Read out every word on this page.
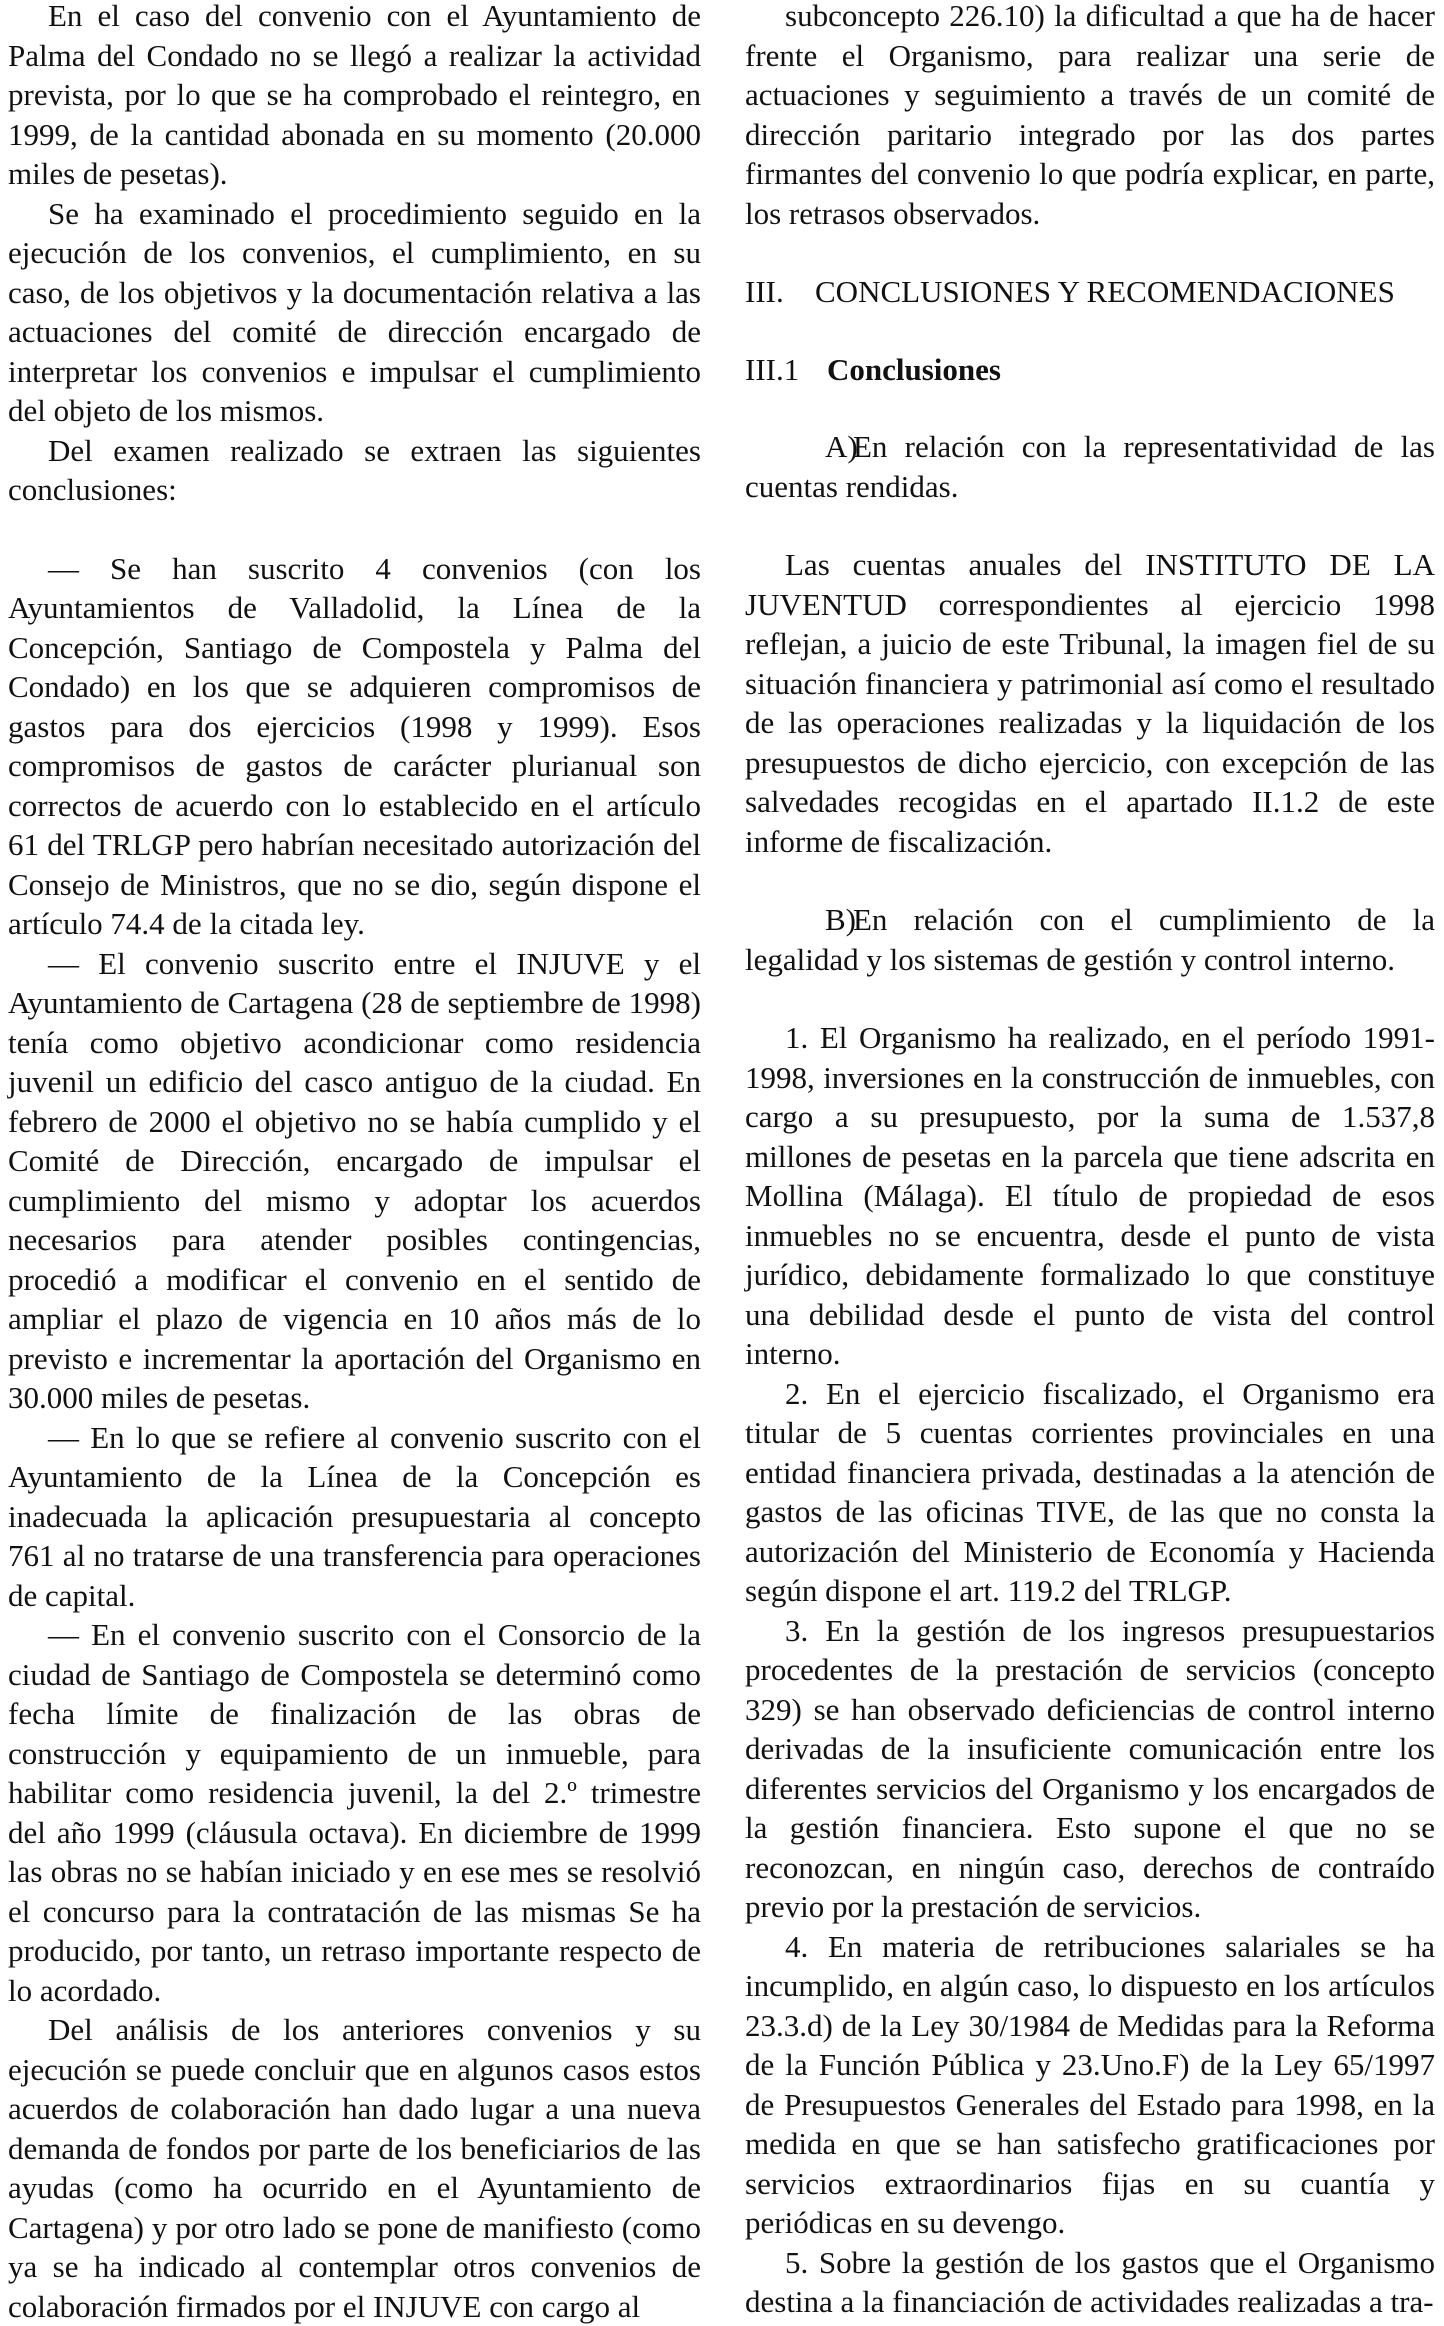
En el caso del convenio con el Ayuntamiento de Palma del Condado no se llegó a realizar la actividad prevista, por lo que se ha comprobado el reintegro, en 1999, de la cantidad abonada en su momento (20.000 miles de pesetas).

Se ha examinado el procedimiento seguido en la ejecución de los convenios, el cumplimiento, en su caso, de los objetivos y la documentación relativa a las actuaciones del comité de dirección encargado de interpretar los convenios e impulsar el cumplimiento del objeto de los mismos.

Del examen realizado se extraen las siguientes conclusiones:

— Se han suscrito 4 convenios (con los Ayuntamientos de Valladolid, la Línea de la Concepción, Santiago de Compostela y Palma del Condado) en los que se adquieren compromisos de gastos para dos ejercicios (1998 y 1999). Esos compromisos de gastos de carácter plurianual son correctos de acuerdo con lo establecido en el artículo 61 del TRLGP pero habrían necesitado autorización del Consejo de Ministros, que no se dio, según dispone el artículo 74.4 de la citada ley.

— El convenio suscrito entre el INJUVE y el Ayuntamiento de Cartagena (28 de septiembre de 1998) tenía como objetivo acondicionar como residencia juvenil un edificio del casco antiguo de la ciudad. En febrero de 2000 el objetivo no se había cumplido y el Comité de Dirección, encargado de impulsar el cumplimiento del mismo y adoptar los acuerdos necesarios para atender posibles contingencias, procedió a modificar el convenio en el sentido de ampliar el plazo de vigencia en 10 años más de lo previsto e incrementar la aportación del Organismo en 30.000 miles de pesetas.

— En lo que se refiere al convenio suscrito con el Ayuntamiento de la Línea de la Concepción es inadecuada la aplicación presupuestaria al concepto 761 al no tratarse de una transferencia para operaciones de capital.

— En el convenio suscrito con el Consorcio de la ciudad de Santiago de Compostela se determinó como fecha límite de finalización de las obras de construcción y equipamiento de un inmueble, para habilitar como residencia juvenil, la del 2.º trimestre del año 1999 (cláusula octava). En diciembre de 1999 las obras no se habían iniciado y en ese mes se resolvió el concurso para la contratación de las mismas Se ha producido, por tanto, un retraso importante respecto de lo acordado.

Del análisis de los anteriores convenios y su ejecución se puede concluir que en algunos casos estos acuerdos de colaboración han dado lugar a una nueva demanda de fondos por parte de los beneficiarios de las ayudas (como ha ocurrido en el Ayuntamiento de Cartagena) y por otro lado se pone de manifiesto (como ya se ha indicado al contemplar otros convenios de colaboración firmados por el INJUVE con cargo al

subconcepto 226.10) la dificultad a que ha de hacer frente el Organismo, para realizar una serie de actuaciones y seguimiento a través de un comité de dirección paritario integrado por las dos partes firmantes del convenio lo que podría explicar, en parte, los retrasos observados.

III. CONCLUSIONES Y RECOMENDACIONES
III.1 Conclusiones

A)En relación con la representatividad de las cuentas rendidas.

Las cuentas anuales del INSTITUTO DE LA JUVENTUD correspondientes al ejercicio 1998 reflejan, a juicio de este Tribunal, la imagen fiel de su situación financiera y patrimonial así como el resultado de las operaciones realizadas y la liquidación de los presupuestos de dicho ejercicio, con excepción de las salvedades recogidas en el apartado II.1.2 de este informe de fiscalización.

B)En relación con el cumplimiento de la legalidad y los sistemas de gestión y control interno.

1. El Organismo ha realizado, en el período 1991-1998, inversiones en la construcción de inmuebles, con cargo a su presupuesto, por la suma de 1.537,8 millones de pesetas en la parcela que tiene adscrita en Mollina (Málaga). El título de propiedad de esos inmuebles no se encuentra, desde el punto de vista jurídico, debidamente formalizado lo que constituye una debilidad desde el punto de vista del control interno.

2. En el ejercicio fiscalizado, el Organismo era titular de 5 cuentas corrientes provinciales en una entidad financiera privada, destinadas a la atención de gastos de las oficinas TIVE, de las que no consta la autorización del Ministerio de Economía y Hacienda según dispone el art. 119.2 del TRLGP.

3. En la gestión de los ingresos presupuestarios procedentes de la prestación de servicios (concepto 329) se han observado deficiencias de control interno derivadas de la insuficiente comunicación entre los diferentes servicios del Organismo y los encargados de la gestión financiera. Esto supone el que no se reconozcan, en ningún caso, derechos de contraído previo por la prestación de servicios.

4. En materia de retribuciones salariales se ha incumplido, en algún caso, lo dispuesto en los artículos 23.3.d) de la Ley 30/1984 de Medidas para la Reforma de la Función Pública y 23.Uno.F) de la Ley 65/1997 de Presupuestos Generales del Estado para 1998, en la medida en que se han satisfecho gratificaciones por servicios extraordinarios fijas en su cuantía y periódicas en su devengo.

5. Sobre la gestión de los gastos que el Organismo destina a la financiación de actividades realizadas a tra-
